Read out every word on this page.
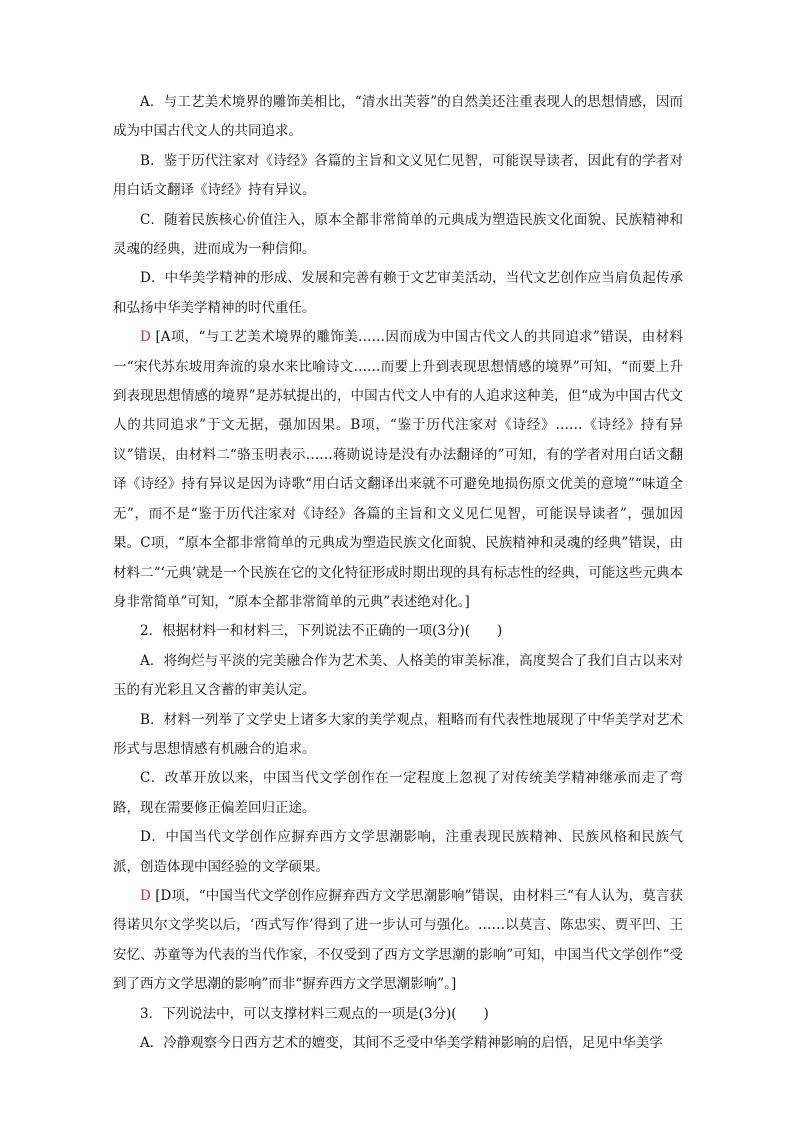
A．与工艺美术境界的雕饰美相比，“清水出芙蓉”的自然美还注重表现人的思想情感，因而成为中国古代文人的共同追求。

B．鉴于历代注家对《诗经》各篇的主旨和文义见仁见智，可能误导读者，因此有的学者对用白话文翻译《诗经》持有异议。

C．随着民族核心价值注入，原本全都非常简单的元典成为塑造民族文化面貌、民族精神和灵魂的经典，进而成为一种信仰。

D．中华美学精神的形成、发展和完善有赖于文艺审美活动，当代文艺创作应当肩负起传承和弘扬中华美学精神的时代重任。

D [A项，“与工艺美术境界的雕饰美……因而成为中国古代文人的共同追求”错误，由材料一“宋代苏东坡用奔流的泉水来比喻诗文……而要上升到表现思想情感的境界”可知，“而要上升到表现思想情感的境界”是苏轼提出的，中国古代文人中有的人追求这种美，但“成为中国古代文人的共同追求”于文无据，强加因果。B项，“鉴于历代注家对《诗经》……《诗经》持有异议”错误，由材料二“骆玉明表示……蒋勋说诗是没有办法翻译的”可知，有的学者对用白话文翻译《诗经》持有异议是因为诗歌“用白话文翻译出来就不可避免地损伤原文优美的意境”“味道全无”，而不是“鉴于历代注家对《诗经》各篇的主旨和文义见仁见智，可能误导读者”，强加因果。C项，“原本全都非常简单的元典成为塑造民族文化面貌、民族精神和灵魂的经典”错误，由材料二“‘元典’就是一个民族在它的文化特征形成时期出现的具有标志性的经典，可能这些元典本身非常简单”可知，“原本全都非常简单的元典”表述绝对化。]

2．根据材料一和材料三，下列说法不正确的一项(3分)(　　)

A．将绚烂与平淡的完美融合作为艺术美、人格美的审美标准，高度契合了我们自古以来对玉的有光彩且又含蓄的审美认定。

B．材料一列举了文学史上诸多大家的美学观点，粗略而有代表性地展现了中华美学对艺术形式与思想情感有机融合的追求。

C．改革开放以来，中国当代文学创作在一定程度上忽视了对传统美学精神继承而走了弯路，现在需要修正偏差回归正途。

D．中国当代文学创作应摒弃西方文学思潮影响，注重表现民族精神、民族风格和民族气派，创造体现中国经验的文学硕果。

D [D项，“中国当代文学创作应摒弃西方文学思潮影响”错误，由材料三“有人认为，莫言获得诺贝尔文学奖以后，‘西式写作’得到了进一步认可与强化。……以莫言、陈忠实、贾平凹、王安忆、苏童等为代表的当代作家，不仅受到了西方文学思潮的影响”可知，中国当代文学创作“受到了西方文学思潮的影响”而非“摒弃西方文学思潮影响”。]

3．下列说法中，可以支撑材料三观点的一项是(3分)(　　)

A．冷静观察今日西方艺术的嬗变，其间不乏受中华美学精神影响的启悟，足见中华美学
